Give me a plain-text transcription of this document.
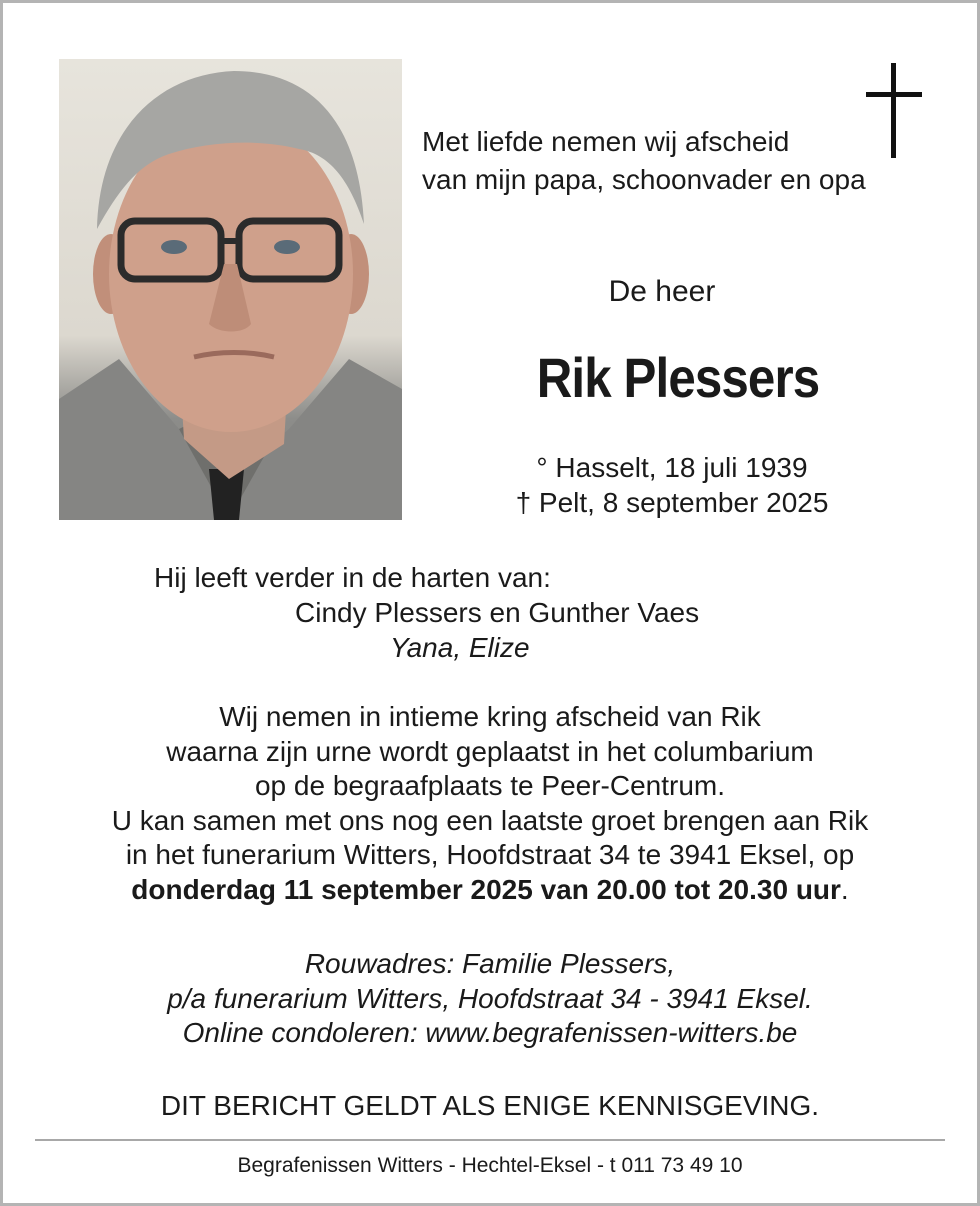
Met liefde nemen wij afscheid
van mijn papa, schoonvader en opa
De heer
Rik Plessers
° Hasselt, 18 juli 1939
† Pelt, 8 september 2025
Hij leeft verder in de harten van:
Cindy Plessers en Gunther Vaes
Yana, Elize
Wij nemen in intieme kring afscheid van Rik
waarna zijn urne wordt geplaatst in het columbarium
op de begraafplaats te Peer-Centrum.
U kan samen met ons nog een laatste groet brengen aan Rik
in het funerarium Witters, Hoofdstraat 34 te 3941 Eksel, op
donderdag 11 september 2025 van 20.00 tot 20.30 uur.
Rouwadres: Familie Plessers,
p/a funerarium Witters, Hoofdstraat 34 - 3941 Eksel.
Online condoleren: www.begrafenissen-witters.be
DIT BERICHT GELDT ALS ENIGE KENNISGEVING.
Begrafenissen Witters - Hechtel-Eksel - t 011 73 49 10
